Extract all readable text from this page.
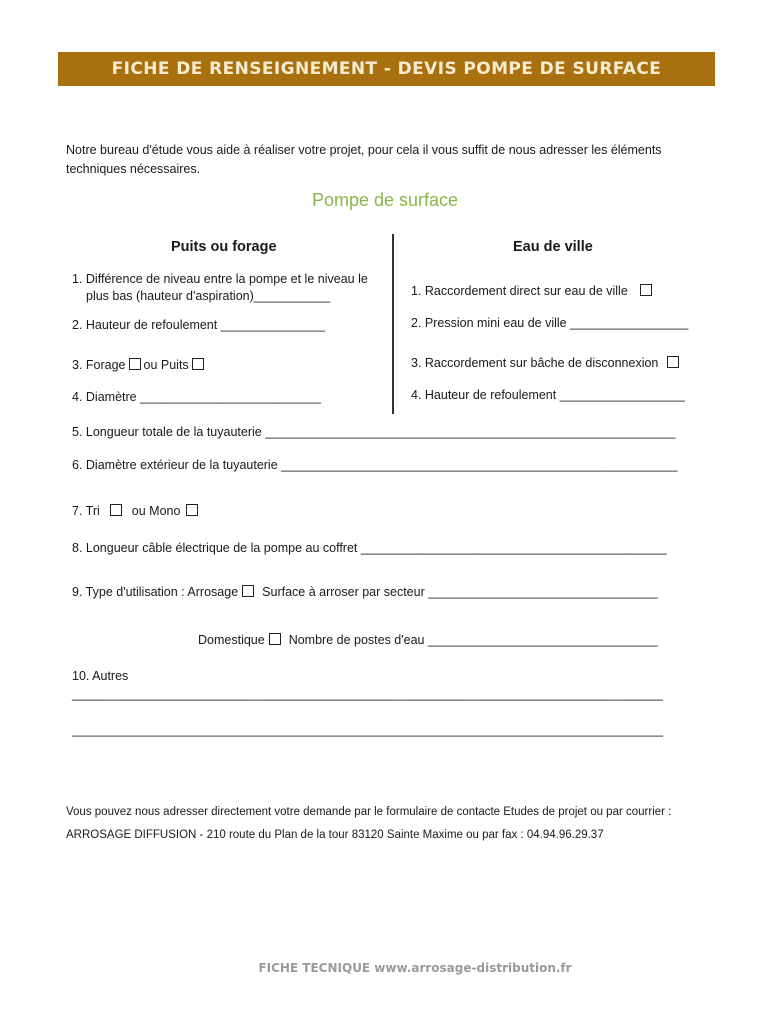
FICHE DE RENSEIGNEMENT - DEVIS POMPE DE SURFACE
Notre bureau d'étude vous aide à réaliser votre projet, pour cela il vous suffit de nous adresser les éléments techniques nécessaires.
Pompe de surface
Puits ou forage	Eau de ville
1. Différence de niveau entre la pompe et le niveau le
plus bas (hauteur d'aspiration)___________
2. Hauteur de refoulement _______________
3. Forage ou Puits
4. Diamètre __________________________
1. Raccordement direct sur eau de ville
2. Pression mini eau de ville _________________
3. Raccordement sur bâche de disconnexion
4. Hauteur de refoulement __________________
5. Longueur totale de la tuyauterie ___________________________________________________________
6. Diamètre extérieur de la tuyauterie _________________________________________________________
7. Tri	ou Mono
8. Longueur câble électrique de la pompe au coffret ____________________________________________
9. Type d'utilisation : Arrosage Surface à arroser par secteur _________________________________
Domestique Nombre de postes d'eau _________________________________
10. Autres
_____________________________________________________________________________________
_____________________________________________________________________________________
Vous pouvez nous adresser directement votre demande par le formulaire de contacte Etudes de projet ou par courrier :
ARROSAGE DIFFUSION - 210 route du Plan de la tour 83120 Sainte Maxime ou par fax : 04.94.96.29.37
FICHE TECNIQUE www.arrosage-distribution.fr
